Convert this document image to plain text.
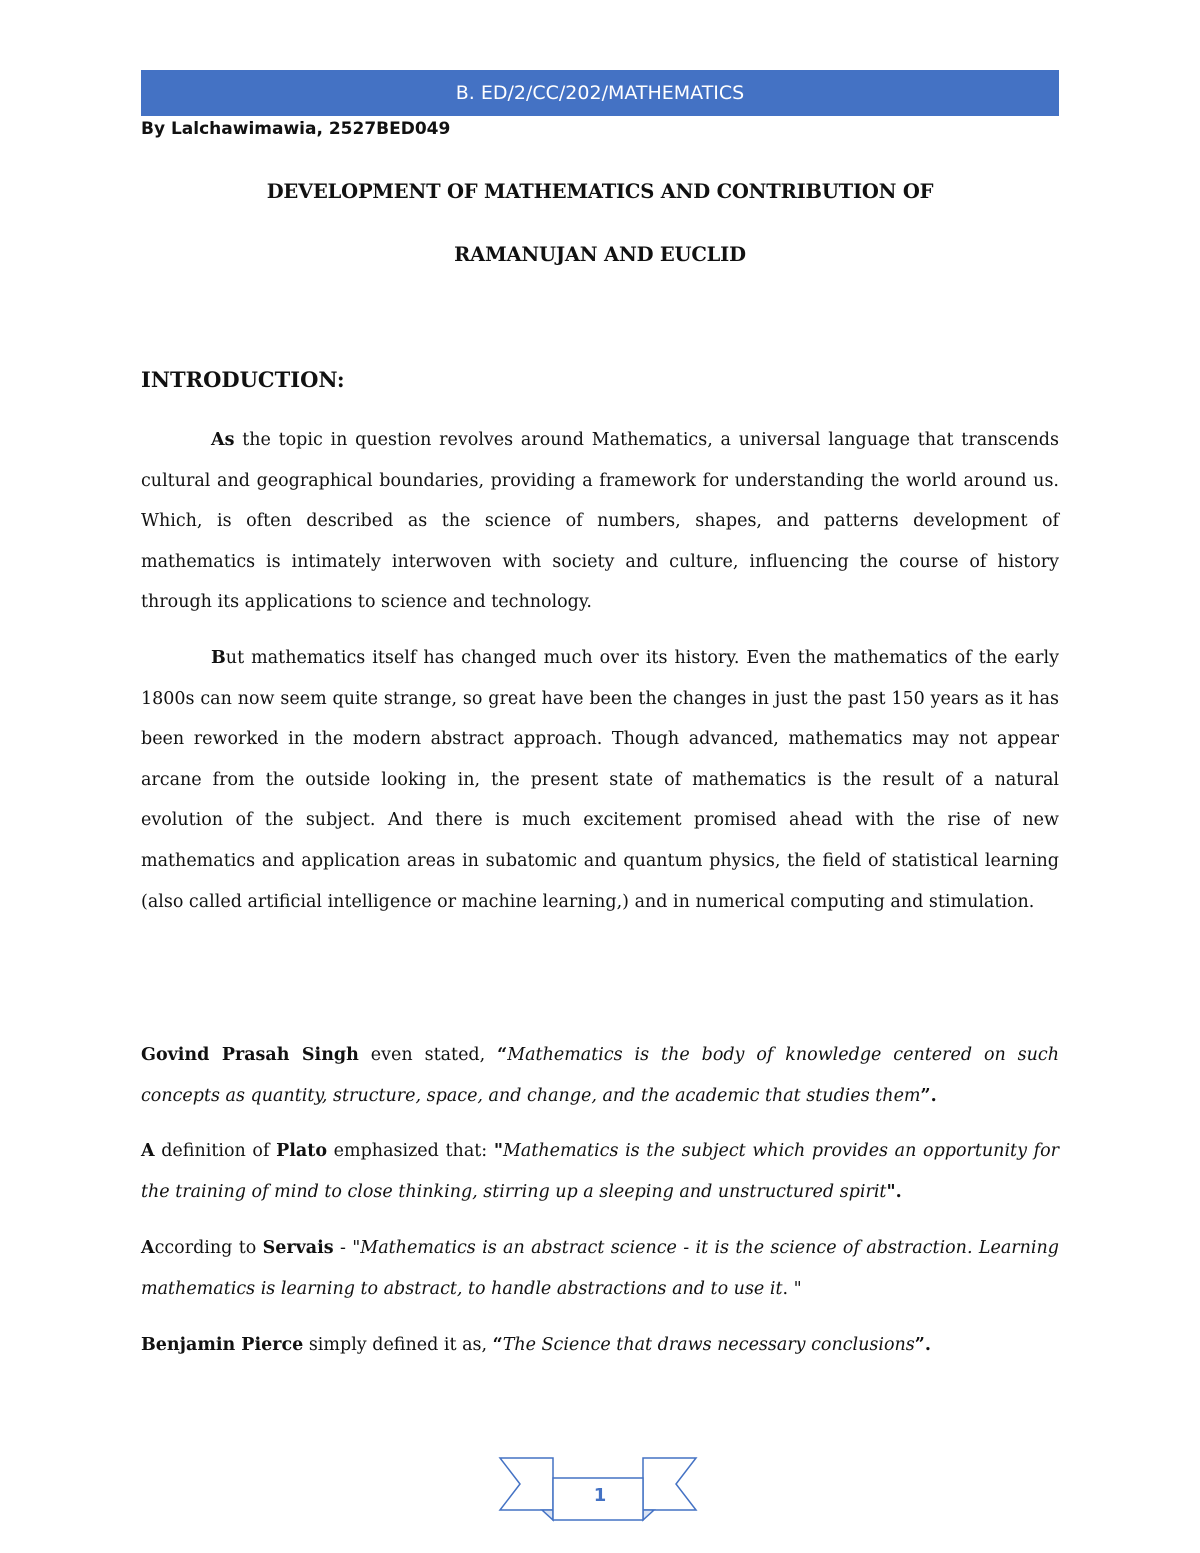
B. ED/2/CC/202/MATHEMATICS
By Lalchawimawia, 2527BED049
DEVELOPMENT OF MATHEMATICS AND CONTRIBUTION OF
RAMANUJAN AND EUCLID
INTRODUCTION:

As the topic in question revolves around Mathematics, a universal language that transcends cultural and geographical boundaries, providing a framework for understanding the world around us. Which, is often described as the science of numbers, shapes, and patterns development of mathematics is intimately interwoven with society and culture, influencing the course of history through its applications to science and technology.

But mathematics itself has changed much over its history. Even the mathematics of the early 1800s can now seem quite strange, so great have been the changes in just the past 150 years as it has been reworked in the modern abstract approach. Though advanced, mathematics may not appear arcane from the outside looking in, the present state of mathematics is the result of a natural evolution of the subject. And there is much excitement promised ahead with the rise of new mathematics and application areas in subatomic and quantum physics, the field of statistical learning (also called artificial intelligence or machine learning,) and in numerical computing and stimulation.

Govind Prasah Singh even stated, “Mathematics is the body of knowledge centered on such concepts as quantity, structure, space, and change, and the academic that studies them”.

A definition of Plato emphasized that: "Mathematics is the subject which provides an opportunity for the training of mind to close thinking, stirring up a sleeping and unstructured spirit".

According to Servais - "Mathematics is an abstract science - it is the science of abstraction. Learning mathematics is learning to abstract, to handle abstractions and to use it. "

Benjamin Pierce simply defined it as, “The Science that draws necessary conclusions”.

1
